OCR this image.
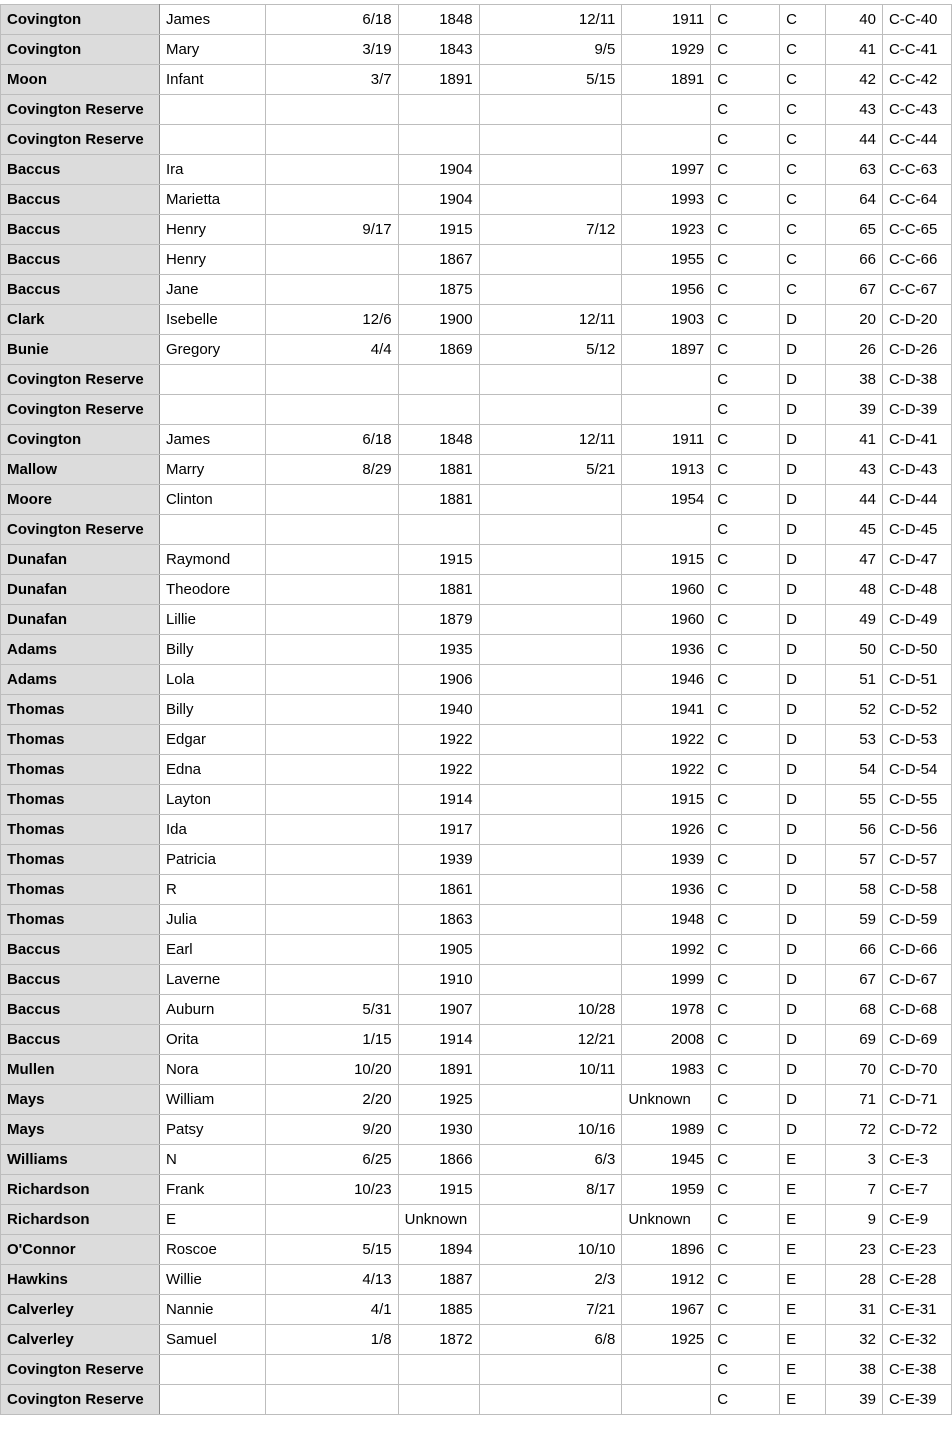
Covington	James	6/18	1848	12/11	1911	C	C	40	C-C-40
Covington	Mary	3/19	1843	9/5	1929	C	C	41	C-C-41
Moon	Infant	3/7	1891	5/15	1891	C	C	42	C-C-42
Covington Reserve						C	C	43	C-C-43
Covington Reserve						C	C	44	C-C-44
Baccus	Ira		1904		1997	C	C	63	C-C-63
Baccus	Marietta		1904		1993	C	C	64	C-C-64
Baccus	Henry	9/17	1915	7/12	1923	C	C	65	C-C-65
Baccus	Henry		1867		1955	C	C	66	C-C-66
Baccus	Jane		1875		1956	C	C	67	C-C-67
Clark	Isebelle	12/6	1900	12/11	1903	C	D	20	C-D-20
Bunie	Gregory	4/4	1869	5/12	1897	C	D	26	C-D-26
Covington Reserve						C	D	38	C-D-38
Covington Reserve						C	D	39	C-D-39
Covington	James	6/18	1848	12/11	1911	C	D	41	C-D-41
Mallow	Marry	8/29	1881	5/21	1913	C	D	43	C-D-43
Moore	Clinton		1881		1954	C	D	44	C-D-44
Covington Reserve						C	D	45	C-D-45
Dunafan	Raymond		1915		1915	C	D	47	C-D-47
Dunafan	Theodore		1881		1960	C	D	48	C-D-48
Dunafan	Lillie		1879		1960	C	D	49	C-D-49
Adams	Billy		1935		1936	C	D	50	C-D-50
Adams	Lola		1906		1946	C	D	51	C-D-51
Thomas	Billy		1940		1941	C	D	52	C-D-52
Thomas	Edgar		1922		1922	C	D	53	C-D-53
Thomas	Edna		1922		1922	C	D	54	C-D-54
Thomas	Layton		1914		1915	C	D	55	C-D-55
Thomas	Ida		1917		1926	C	D	56	C-D-56
Thomas	Patricia		1939		1939	C	D	57	C-D-57
Thomas	R		1861		1936	C	D	58	C-D-58
Thomas	Julia		1863		1948	C	D	59	C-D-59
Baccus	Earl		1905		1992	C	D	66	C-D-66
Baccus	Laverne		1910		1999	C	D	67	C-D-67
Baccus	Auburn	5/31	1907	10/28	1978	C	D	68	C-D-68
Baccus	Orita	1/15	1914	12/21	2008	C	D	69	C-D-69
Mullen	Nora	10/20	1891	10/11	1983	C	D	70	C-D-70
Mays	William	2/20	1925		Unknown	C	D	71	C-D-71
Mays	Patsy	9/20	1930	10/16	1989	C	D	72	C-D-72
Williams	N	6/25	1866	6/3	1945	C	E	3	C-E-3
Richardson	Frank	10/23	1915	8/17	1959	C	E	7	C-E-7
Richardson	E		Unknown		Unknown	C	E	9	C-E-9
O'Connor	Roscoe	5/15	1894	10/10	1896	C	E	23	C-E-23
Hawkins	Willie	4/13	1887	2/3	1912	C	E	28	C-E-28
Calverley	Nannie	4/1	1885	7/21	1967	C	E	31	C-E-31
Calverley	Samuel	1/8	1872	6/8	1925	C	E	32	C-E-32
Covington Reserve						C	E	38	C-E-38
Covington Reserve						C	E	39	C-E-39
